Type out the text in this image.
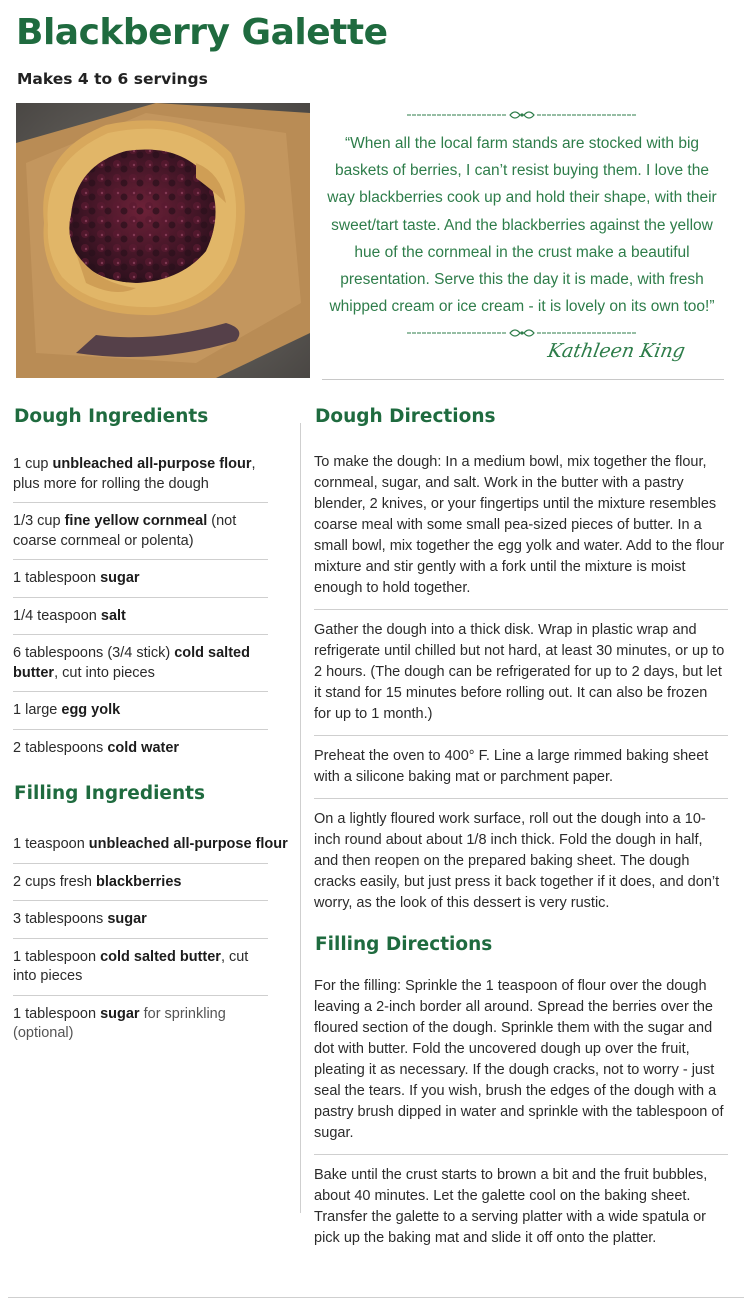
Blackberry Galette

Makes 4 to 6 servings

“When all the local farm stands are stocked with big baskets of berries, I can’t resist buying them. I love the way blackberries cook up and hold their shape, with their sweet/tart taste. And the blackberries against the yellow hue of the cornmeal in the crust make a beautiful presentation. Serve this the day it is made, with fresh whipped cream or ice cream - it is lovely on its own too!”

Kathleen King
Dough Ingredients
1 cup unbleached all-purpose flour, plus more for rolling the dough
1/3 cup fine yellow cornmeal (not coarse cornmeal or polenta)
1 tablespoon sugar
1/4 teaspoon salt
6 tablespoons (3/4 stick) cold salted butter, cut into pieces
1 large egg yolk
2 tablespoons cold water
Filling Ingredients
1 teaspoon unbleached all-purpose flour
2 cups fresh blackberries
3 tablespoons sugar
1 tablespoon cold salted butter, cut into pieces
1 tablespoon sugar for sprinkling (optional)
Dough Directions
To make the dough: In a medium bowl, mix together the flour, cornmeal, sugar, and salt. Work in the butter with a pastry blender, 2 knives, or your fingertips until the mixture resembles coarse meal with some small pea-sized pieces of butter. In a small bowl, mix together the egg yolk and water. Add to the flour mixture and stir gently with a fork until the mixture is moist enough to hold together.
Gather the dough into a thick disk. Wrap in plastic wrap and refrigerate until chilled but not hard, at least 30 minutes, or up to 2 hours. (The dough can be refrigerated for up to 2 days, but let it stand for 15 minutes before rolling out. It can also be frozen for up to 1 month.)
Preheat the oven to 400° F. Line a large rimmed baking sheet with a silicone baking mat or parchment paper.
On a lightly floured work surface, roll out the dough into a 10-inch round about about 1/8 inch thick. Fold the dough in half, and then reopen on the prepared baking sheet. The dough cracks easily, but just press it back together if it does, and don’t worry, as the look of this dessert is very rustic.
Filling Directions
For the filling: Sprinkle the 1 teaspoon of flour over the dough leaving a 2-inch border all around. Spread the berries over the floured section of the dough. Sprinkle them with the sugar and dot with butter. Fold the uncovered dough up over the fruit, pleating it as necessary. If the dough cracks, not to worry - just seal the tears. If you wish, brush the edges of the dough with a pastry brush dipped in water and sprinkle with the tablespoon of sugar.
Bake until the crust starts to brown a bit and the fruit bubbles, about 40 minutes. Let the galette cool on the baking sheet. Transfer the galette to a serving platter with a wide spatula or pick up the baking mat and slide it off onto the platter.
